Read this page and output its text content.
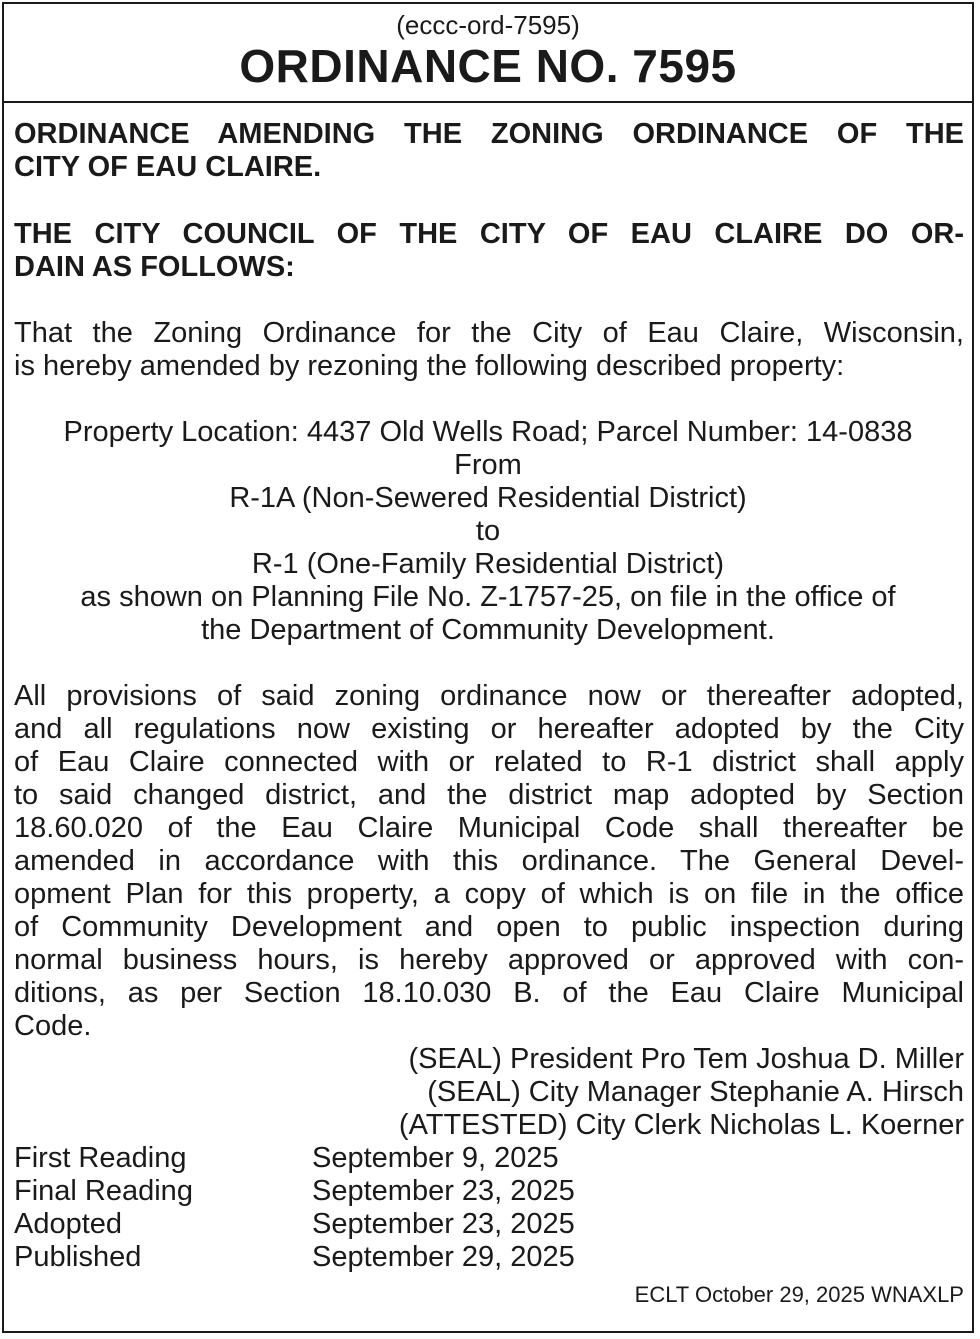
(eccc-ord-7595)
ORDINANCE NO. 7595
ORDINANCE AMENDING THE ZONING ORDINANCE OF THE
CITY OF EAU CLAIRE.
THE CITY COUNCIL OF THE CITY OF EAU CLAIRE DO OR-
DAIN AS FOLLOWS:
That the Zoning Ordinance for the City of Eau Claire, Wisconsin,
is hereby amended by rezoning the following described property:
Property Location: 4437 Old Wells Road; Parcel Number: 14-0838
From
R-1A (Non-Sewered Residential District)
to
R-1 (One-Family Residential District)
as shown on Planning File No. Z-1757-25, on file in the office of
the Department of Community Development.
All provisions of said zoning ordinance now or thereafter adopted,
and all regulations now existing or hereafter adopted by the City
of Eau Claire connected with or related to R-1 district shall apply
to said changed district, and the district map adopted by Section
18.60.020 of the Eau Claire Municipal Code shall thereafter be
amended in accordance with this ordinance. The General Devel-
opment Plan for this property, a copy of which is on file in the office
of Community Development and open to public inspection during
normal business hours, is hereby approved or approved with con-
ditions, as per Section 18.10.030 B. of the Eau Claire Municipal
Code.
(SEAL) President Pro Tem Joshua D. Miller
(SEAL) City Manager Stephanie A. Hirsch
(ATTESTED) City Clerk Nicholas L. Koerner
First Reading	September 9, 2025
Final Reading	September 23, 2025
Adopted	September 23, 2025
Published	September 29, 2025
ECLT October 29, 2025 WNAXLP
